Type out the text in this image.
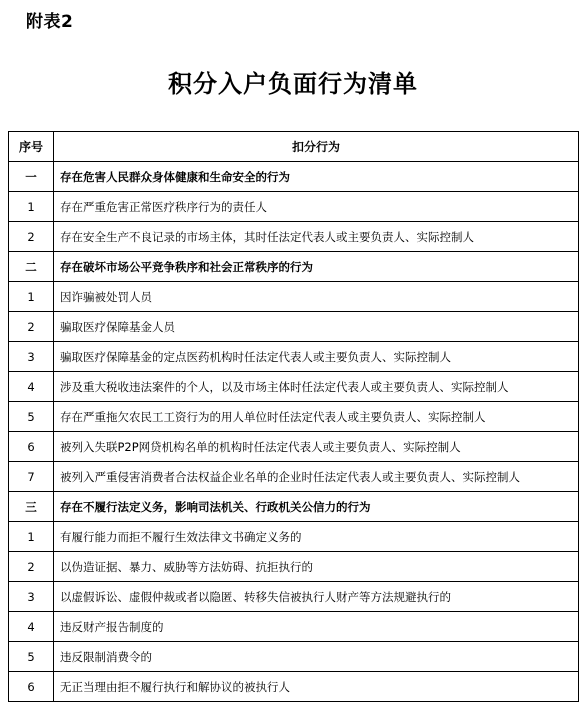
附表2
积分入户负面行为清单
序号	扣分行为
一	存在危害人民群众身体健康和生命安全的行为
1	存在严重危害正常医疗秩序行为的责任人
2	存在安全生产不良记录的市场主体，其时任法定代表人或主要负责人、实际控制人
二	存在破坏市场公平竞争秩序和社会正常秩序的行为
1	因诈骗被处罚人员
2	骗取医疗保障基金人员
3	骗取医疗保障基金的定点医药机构时任法定代表人或主要负责人、实际控制人
4	涉及重大税收违法案件的个人，以及市场主体时任法定代表人或主要负责人、实际控制人
5	存在严重拖欠农民工工资行为的用人单位时任法定代表人或主要负责人、实际控制人
6	被列入失联P2P网贷机构名单的机构时任法定代表人或主要负责人、实际控制人
7	被列入严重侵害消费者合法权益企业名单的企业时任法定代表人或主要负责人、实际控制人
三	存在不履行法定义务，影响司法机关、行政机关公信力的行为
1	有履行能力而拒不履行生效法律文书确定义务的
2	以伪造证据、暴力、威胁等方法妨碍、抗拒执行的
3	以虚假诉讼、虚假仲裁或者以隐匿、转移失信被执行人财产等方法规避执行的
4	违反财产报告制度的
5	违反限制消费令的
6	无正当理由拒不履行执行和解协议的被执行人
